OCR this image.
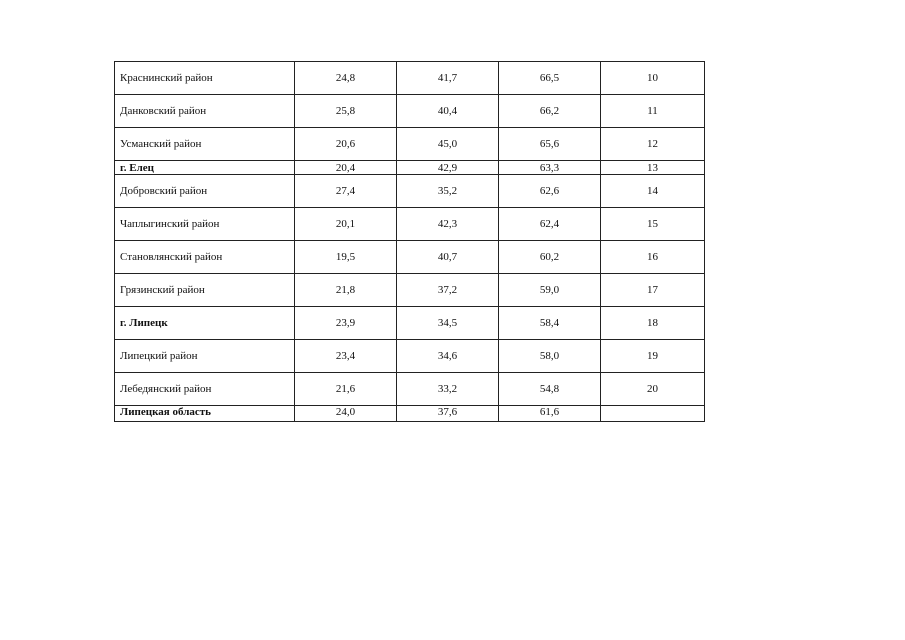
Краснинский район	24,8	41,7	66,5	10
Данковский район	25,8	40,4	66,2	11
Усманский район	20,6	45,0	65,6	12
г. Елец	20,4	42,9	63,3	13
Добровский район	27,4	35,2	62,6	14
Чаплыгинский район	20,1	42,3	62,4	15
Становлянский район	19,5	40,7	60,2	16
Грязинский район	21,8	37,2	59,0	17
г. Липецк	23,9	34,5	58,4	18
Липецкий район	23,4	34,6	58,0	19
Лебедянский район	21,6	33,2	54,8	20
Липецкая область	24,0	37,6	61,6	
